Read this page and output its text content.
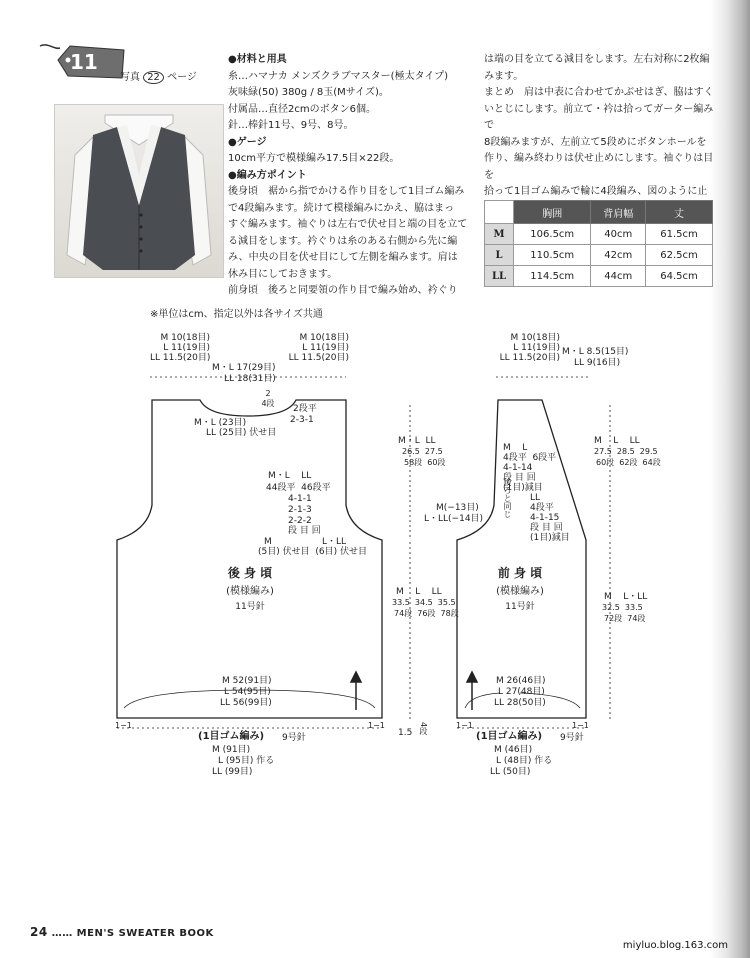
11
写真 22 ページ
● 材料と用具
糸…ハマナカ メンズクラブマスター(極太タイプ)
灰味緑(50) 380g / 8玉(Mサイズ)。
付属品…直径2cmのボタン6個。
針…棒針11号、9号、8号。
● ゲージ
10cm平方で模様編み17.5目×22段。
● 編み方ポイント
後身頃　裾から指でかける作り目をして1目ゴム編み
で4段編みます。続けて模様編みにかえ、脇はまっ
すぐ編みます。袖ぐりは左右で伏せ目と端の目を立て
る減目をします。衿ぐりは糸のある右側から先に編
み、中央の目を伏せ目にして左側を編みます。肩は
休み目にしておきます。
前身頃　後ろと同要領の作り目で編み始め、衿ぐり
は端の目を立てる減目をします。左右対称に2枚編
みます。
まとめ　肩は中表に合わせてかぶせはぎ、脇はすく
いとじにします。前立て・衿は拾ってガーター編みで
8段編みますが、左前立て5段めにボタンホールを
作り、編み終わりは伏せ止めにします。袖ぐりは目を
拾って1目ゴム編みで輪に4段編み、図のように止
	胸囲	背肩幅	丈
M	106.5cm	40cm	61.5cm
L	110.5cm	42cm	62.5cm
LL	114.5cm	44cm	64.5cm
※単位はcm、指定以外は各サイズ共通
M 10(18目)
L 11(19目)
LL 11.5(20目)
M 10(18目)
L 11(19目)
LL 11.5(20目)
M・L 17(29目)
LL 18(31目)
2
4段
2段平
2-3-1
M・L (23目)
LL (25目) 伏せ目
M・L    LL
44段平  46段平
4-1-1
2-1-3
2-2-2
段 目 回
M	L・LL
(5目) 伏せ目  (6目) 伏せ目
後 身 頃
(模様編み)
11号針
M 52(91目)
L 54(95目)
LL 56(99目)
1−1	1−1
(1目ゴム編み) 9号針
M (91目)
L (95目) 作る
LL (99目)
M・L  LL
26.5  27.5
58段  60段
M(−13目)
L・LL(−14目)
M    L    LL
33.5  34.5  35.5
74段  76段  78段
1.5 4段
M 10(18目)
L 11(19目)
LL 11.5(20目)
M・L 8.5(15目)
LL 9(16目)
M    L
4段平  6段平
4-1-14
段 目 回
(1目)減目
後ろと同じ LL
4段平
4-1-15
段 目 回
(1目)減目
前 身 頃
(模様編み)
11号針
M    L    LL
27.5  28.5  29.5
60段  62段  64段
M    L・LL
32.5  33.5
72段  74段
M 26(46目)
L 27(48目)
LL 28(50目)
1−1	1−1
(1目ゴム編み) 9号針
M (46目)
L (48目) 作る
LL (50目)
24 …… MEN'S SWEATER BOOK
miyluo.blog.163.com
